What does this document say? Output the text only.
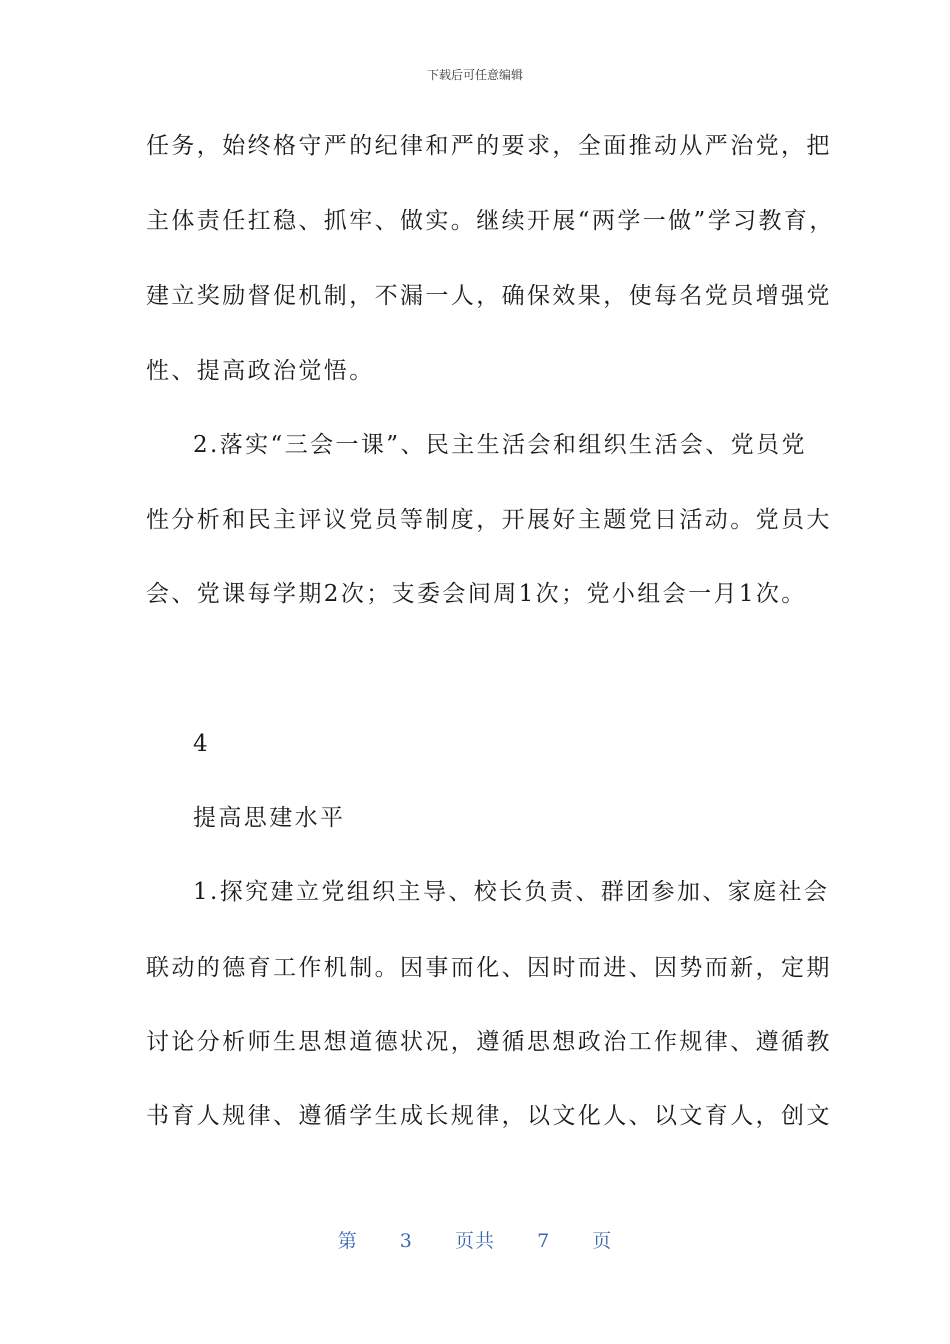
下载后可任意编辑
任务，始终格守严的纪律和严的要求，全面推动从严治党，把
主体责任扛稳、抓牢、做实。继续开展“两学一做”学习教育，
建立奖励督促机制，不漏一人，确保效果，使每名党员增强党
性、提高政治觉悟。
2.落实“三会一课”、民主生活会和组织生活会、党员党
性分析和民主评议党员等制度，开展好主题党日活动。党员大
会、党课每学期2次；支委会间周1次；党小组会一月1次。
4
提高思建水平
1.探究建立党组织主导、校长负责、群团参加、家庭社会
联动的德育工作机制。因事而化、因时而进、因势而新，定期
讨论分析师生思想道德状况，遵循思想政治工作规律、遵循教
书育人规律、遵循学生成长规律，以文化人、以文育人，创文
第 3 页共 7 页
